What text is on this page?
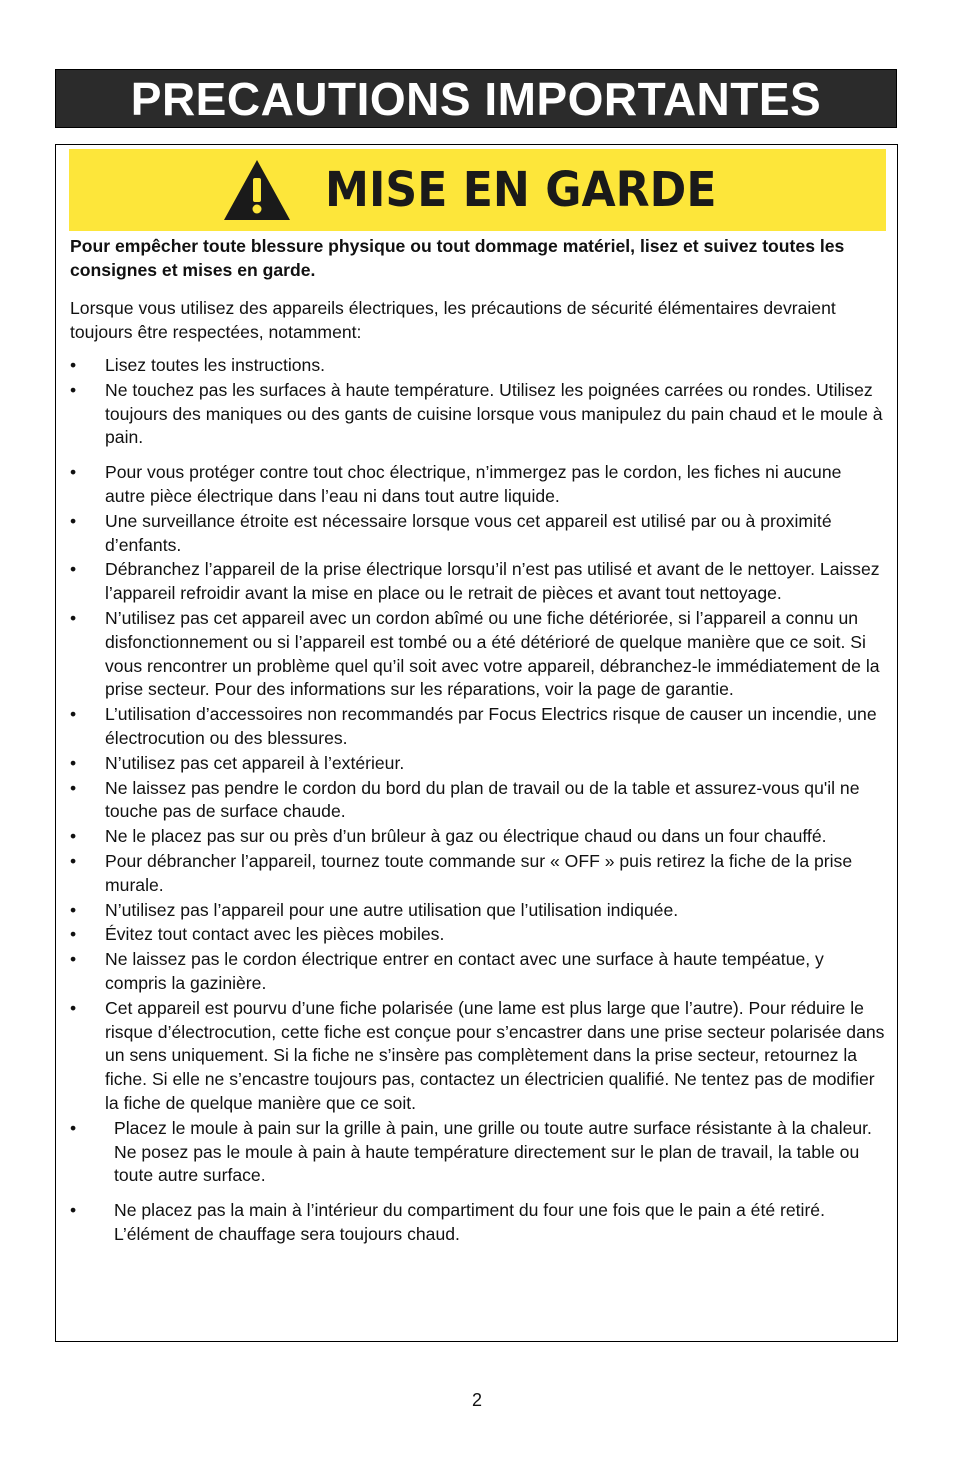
PRECAUTIONS IMPORTANTES
MISE EN GARDE

Pour empêcher toute blessure physique ou tout dommage matériel, lisez et suivez toutes les consignes et mises en garde.

Lorsque vous utilisez des appareils électriques, les précautions de sécurité élémentaires devraient toujours être respectées, notamment:

•	Lisez toutes les instructions.
•	Ne touchez pas les surfaces à haute température. Utilisez les poignées carrées ou rondes. Utilisez toujours des maniques ou des gants de cuisine lorsque vous manipulez du pain chaud et le moule à pain.
•	Pour vous protéger contre tout choc électrique, n’immergez pas le cordon, les fiches ni aucune autre pièce électrique dans l’eau ni dans tout autre liquide.
•	Une surveillance étroite est nécessaire lorsque vous cet appareil est utilisé par ou à proximité d’enfants.
•	Débranchez l’appareil de la prise électrique lorsqu’il n’est pas utilisé et avant de le nettoyer. Laissez l’appareil refroidir avant la mise en place ou le retrait de pièces et avant tout nettoyage.
•	N’utilisez pas cet appareil avec un cordon abîmé ou une fiche détériorée, si l’appareil a connu un disfonctionnement ou si l’appareil est tombé ou a été détérioré de quelque manière que ce soit. Si vous rencontrer un problème quel qu’il soit avec votre appareil, débranchez-le immédiatement de la prise secteur. Pour des informations sur les réparations, voir la page de garantie.
•	L’utilisation d’accessoires non recommandés par Focus Electrics risque de causer un incendie, une électrocution ou des blessures.
•	N’utilisez pas cet appareil à l’extérieur.
•	Ne laissez pas pendre le cordon du bord du plan de travail ou de la table et assurez-vous qu'il ne touche pas de surface chaude.
•	Ne le placez pas sur ou près d’un brûleur à gaz ou électrique chaud ou dans un four chauffé.
•	Pour débrancher l’appareil, tournez toute commande sur « OFF » puis retirez la fiche de la prise murale.
•	N’utilisez pas l’appareil pour une autre utilisation que l’utilisation indiquée.
•	Évitez tout contact avec les pièces mobiles.
•	Ne laissez pas le cordon électrique entrer en contact avec une surface à haute tempéatue, y compris la gazinière.
•	Cet appareil est pourvu d’une fiche polarisée (une lame est plus large que l’autre). Pour réduire le risque d’électrocution, cette fiche est conçue pour s’encastrer dans une prise secteur polarisée dans un sens uniquement. Si la fiche ne s’insère pas complètement dans la prise secteur, retournez la fiche. Si elle ne s’encastre toujours pas, contactez un électricien qualifié. Ne tentez pas de modifier la fiche de quelque manière que ce soit.
•	Placez le moule à pain sur la grille à pain, une grille ou toute autre surface résistante à la chaleur. Ne posez pas le moule à pain à haute température directement sur le plan de travail, la table ou toute autre surface.
•	Ne placez pas la main à l’intérieur du compartiment du four une fois que le pain a été retiré. L’élément de chauffage sera toujours chaud.
2
